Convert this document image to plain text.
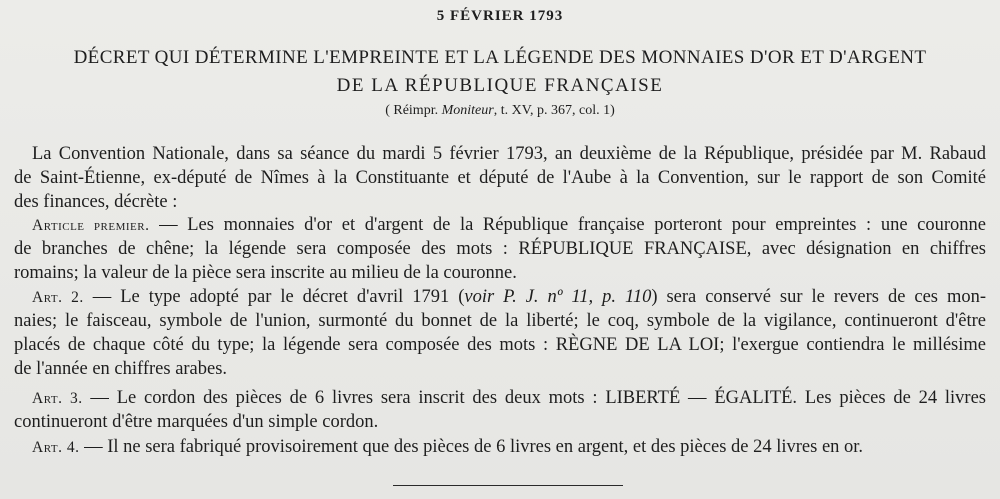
5 FÉVRIER 1793
DÉCRET QUI DÉTERMINE L'EMPREINTE ET LA LÉGENDE DES MONNAIES D'OR ET D'ARGENT
DE LA RÉPUBLIQUE FRANÇAISE
( Réimpr. Moniteur, t. XV, p. 367, col. 1)
La Convention Nationale, dans sa séance du mardi 5 février 1793, an deuxième de la République, présidée par M. Rabaud
de Saint-Étienne, ex-député de Nîmes à la Constituante et député de l'Aube à la Convention, sur le rapport de son Comité
des finances, décrète :
Article premier. — Les monnaies d'or et d'argent de la République française porteront pour empreintes : une couronne
de branches de chêne; la légende sera composée des mots : RÉPUBLIQUE FRANÇAISE, avec désignation en chiffres
romains; la valeur de la pièce sera inscrite au milieu de la couronne.
Art. 2. — Le type adopté par le décret d'avril 1791 (voir P. J. nº 11, p. 110) sera conservé sur le revers de ces mon-
naies; le faisceau, symbole de l'union, surmonté du bonnet de la liberté; le coq, symbole de la vigilance, continueront d'être
placés de chaque côté du type; la légende sera composée des mots : RÈGNE DE LA LOI; l'exergue contiendra le millésime
de l'année en chiffres arabes.
Art. 3. — Le cordon des pièces de 6 livres sera inscrit des deux mots : LIBERTÉ — ÉGALITÉ. Les pièces de 24 livres
continueront d'être marquées d'un simple cordon.
Art. 4. — Il ne sera fabriqué provisoirement que des pièces de 6 livres en argent, et des pièces de 24 livres en or.
